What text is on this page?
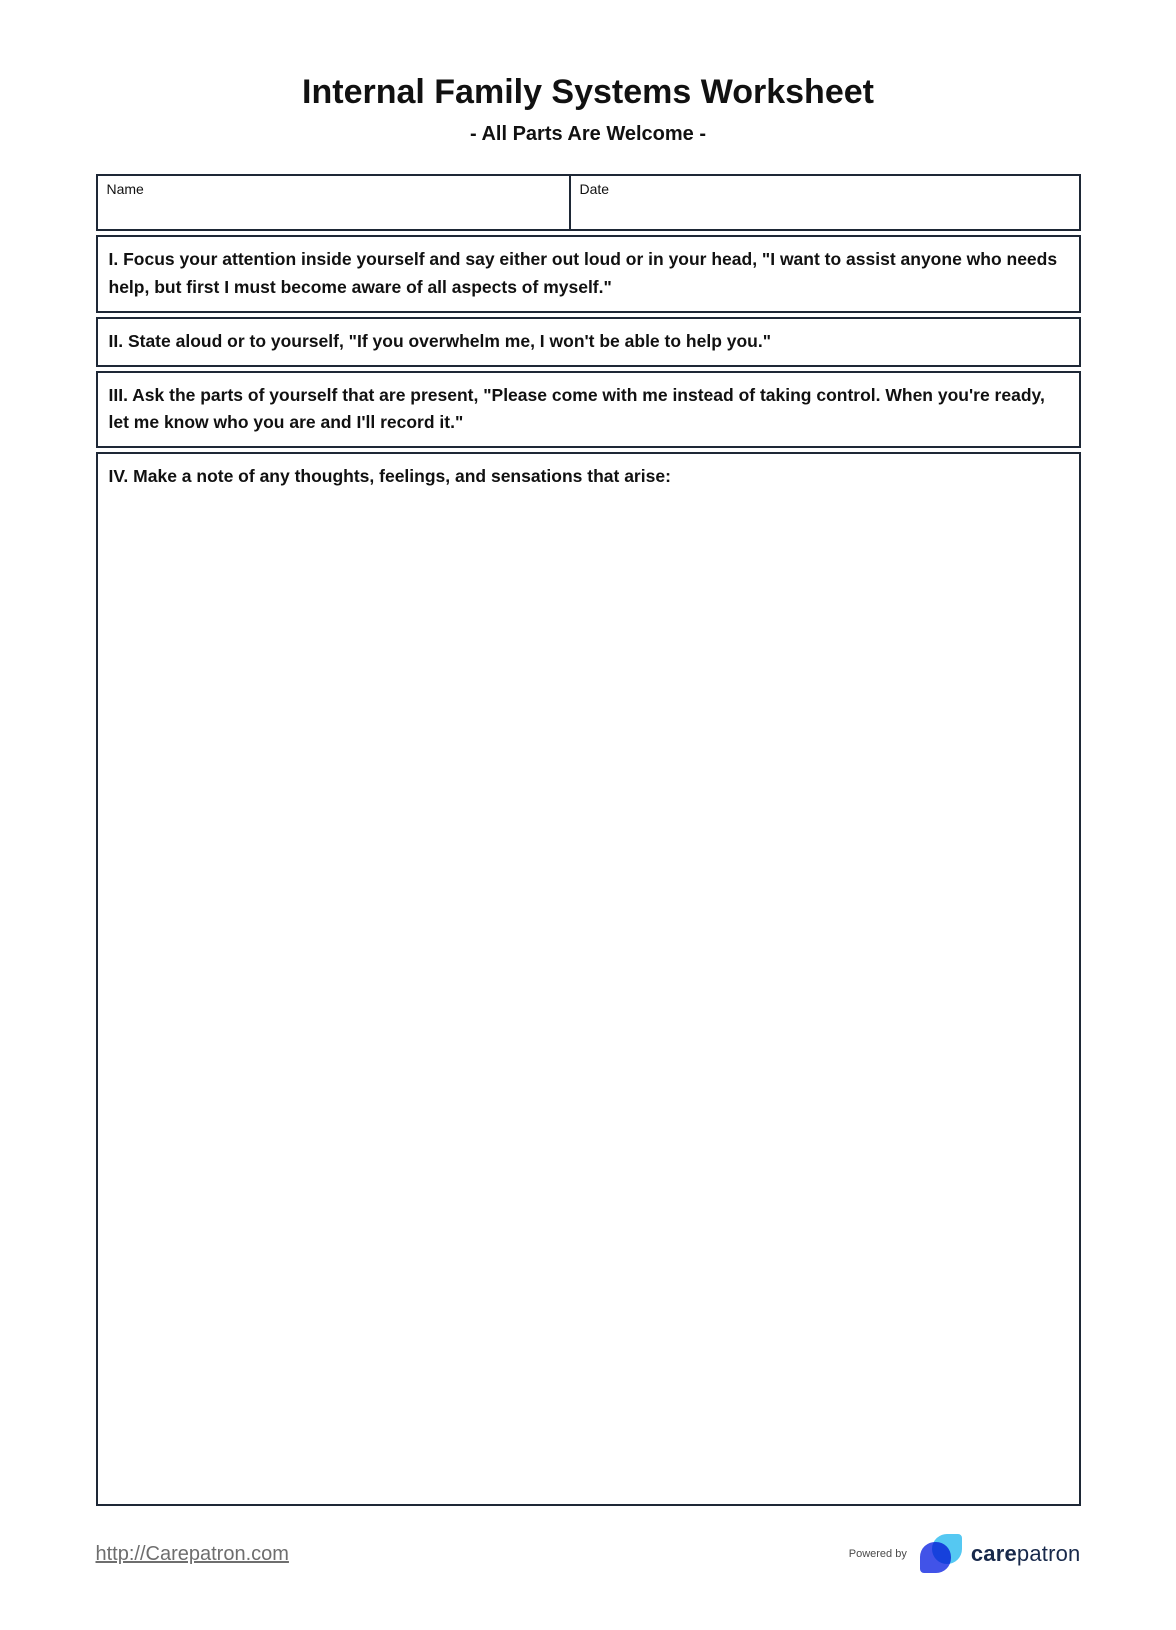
Internal Family Systems Worksheet
- All Parts Are Welcome -
Name	Date
I. Focus your attention inside yourself and say either out loud or in your head, "I want to assist anyone who needs help, but first I must become aware of all aspects of myself."
II. State aloud or to yourself, "If you overwhelm me, I won't be able to help you."
III. Ask the parts of yourself that are present, "Please come with me instead of taking control. When you're ready, let me know who you are and I'll record it."
IV. Make a note of any thoughts, feelings, and sensations that arise:
http://Carepatron.com	Powered by	carepatron
